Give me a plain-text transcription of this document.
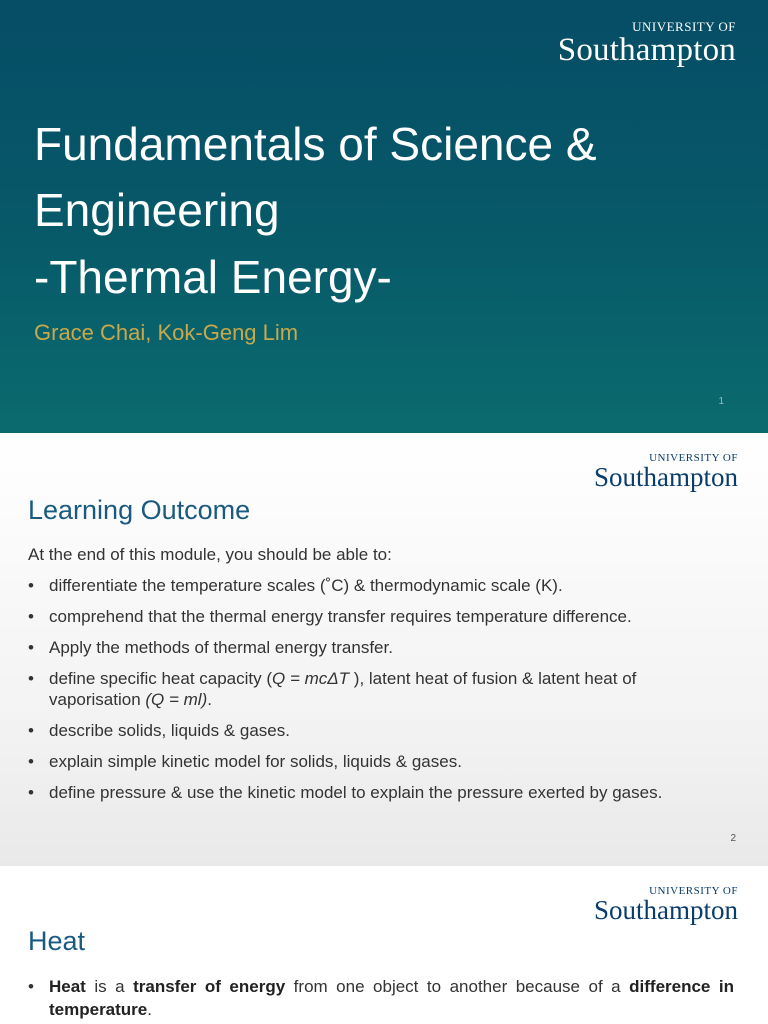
UNIVERSITY OF
Southampton
Fundamentals of Science &
Engineering
-Thermal Energy-
Grace Chai, Kok-Geng Lim
1
UNIVERSITY OF
Southampton
Learning Outcome
At the end of this module, you should be able to:
• differentiate the temperature scales (˚C) & thermodynamic scale (K).
• comprehend that the thermal energy transfer requires temperature difference.
• Apply the methods of thermal energy transfer.
• define specific heat capacity (Q = mcΔT ), latent heat of fusion & latent heat of vaporisation (Q = ml).
• describe solids, liquids & gases.
• explain simple kinetic model for solids, liquids & gases.
• define pressure & use the kinetic model to explain the pressure exerted by gases.
2
UNIVERSITY OF
Southampton
Heat
• Heat is a transfer of energy from one object to another because of a difference in temperature.
